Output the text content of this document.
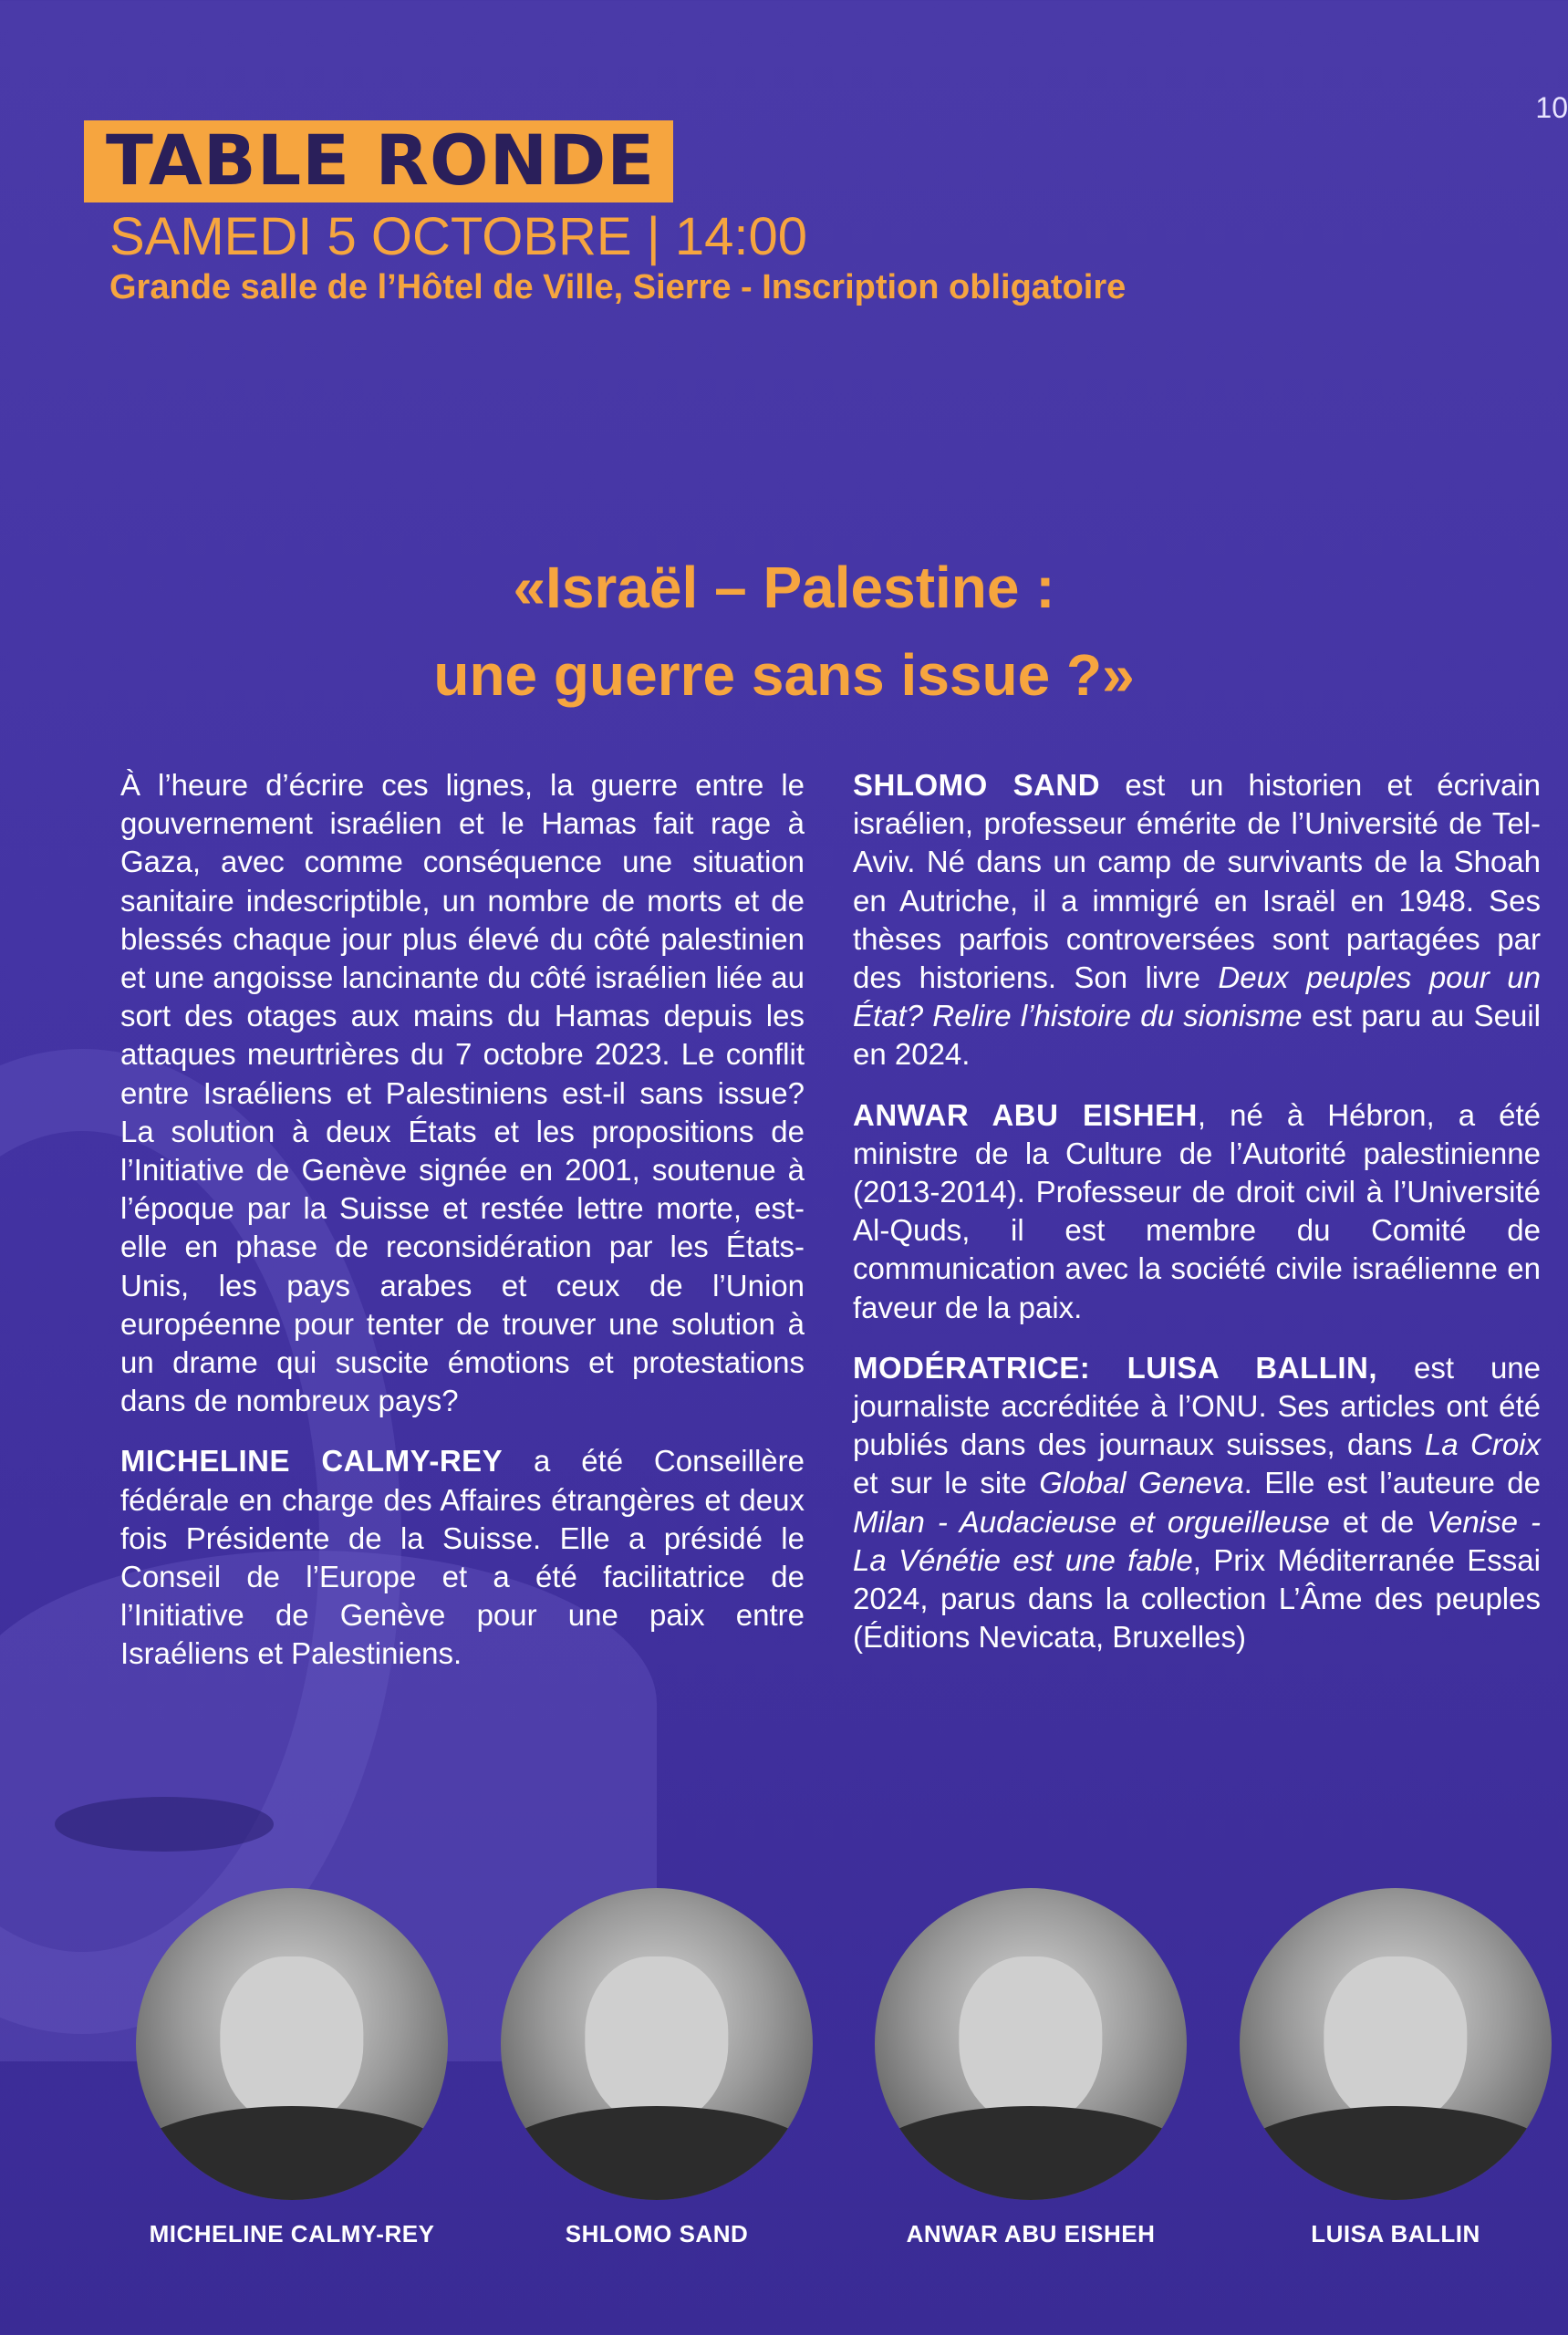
10
TABLE RONDE
SAMEDI 5 OCTOBRE | 14:00
Grande salle de l’Hôtel de Ville, Sierre - Inscription obligatoire
«Israël – Palestine :
une guerre sans issue ?»

À l’heure d’écrire ces lignes, la guerre entre le gouvernement israélien et le Hamas fait rage à Gaza, avec comme conséquence une situation sanitaire indescriptible, un nombre de morts et de blessés chaque jour plus élevé du côté palestinien et une angoisse lancinante du côté israélien liée au sort des otages aux mains du Hamas depuis les attaques meurtrières du 7 octobre 2023. Le conflit entre Israéliens et Palestiniens est-il sans issue? La solution à deux États et les propositions de l’Initiative de Genève signée en 2001, soutenue à l’époque par la Suisse et restée lettre morte, est-elle en phase de reconsidération par les États-Unis, les pays arabes et ceux de l’Union européenne pour tenter de trouver une solution à un drame qui suscite émotions et protestations dans de nombreux pays?

MICHELINE CALMY-REY a été Conseillère fédérale en charge des Affaires étrangères et deux fois Présidente de la Suisse. Elle a présidé le Conseil de l’Europe et a été facilitatrice de l’Initiative de Genève pour une paix entre Israéliens et Palestiniens.

SHLOMO SAND est un historien et écrivain israélien, professeur émérite de l’Université de Tel-Aviv. Né dans un camp de survivants de la Shoah en Autriche, il a immigré en Israël en 1948. Ses thèses parfois controversées sont partagées par des historiens. Son livre Deux peuples pour un État? Relire l’histoire du sionisme est paru au Seuil en 2024.

ANWAR ABU EISHEH, né à Hébron, a été ministre de la Culture de l’Autorité palestinienne (2013-2014). Professeur de droit civil à l’Université Al-Quds, il est membre du Comité de communication avec la société civile israélienne en faveur de la paix.

MODÉRATRICE: LUISA BALLIN, est une journaliste accréditée à l’ONU. Ses articles ont été publiés dans des journaux suisses, dans La Croix et sur le site Global Geneva. Elle est l’auteure de Milan - Audacieuse et orgueilleuse et de Venise - La Vénétie est une fable, Prix Méditerranée Essai 2024, parus dans la collection L’Âme des peuples (Éditions Nevicata, Bruxelles)

MICHELINE CALMY-REY	SHLOMO SAND	ANWAR ABU EISHEH	LUISA BALLIN
